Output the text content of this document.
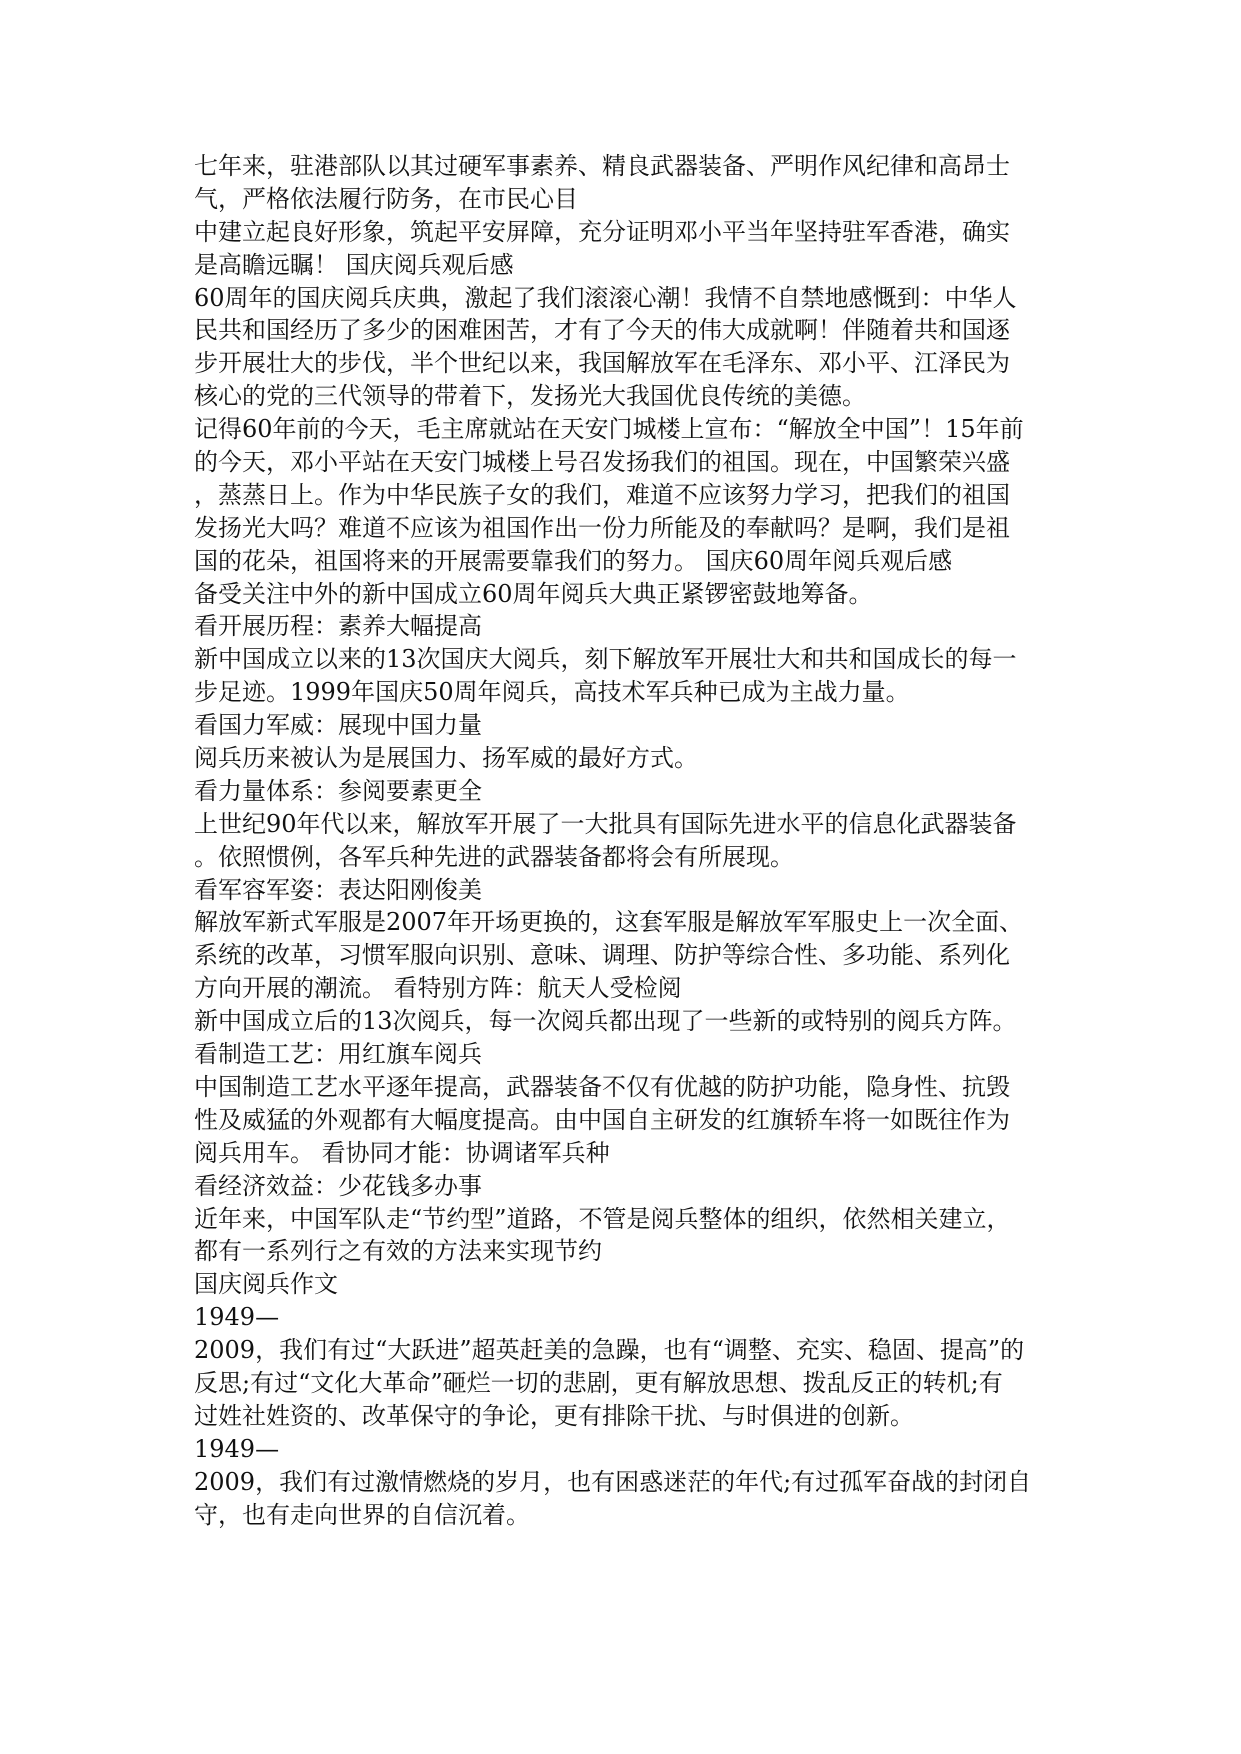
七年来，驻港部队以其过硬军事素养、精良武器装备、严明作风纪律和高昂士
气，严格依法履行防务，在市民心目
中建立起良好形象，筑起平安屏障，充分证明邓小平当年坚持驻军香港，确实
是高瞻远瞩！ 国庆阅兵观后感
60周年的国庆阅兵庆典，激起了我们滚滚心潮！我情不自禁地感慨到：中华人
民共和国经历了多少的困难困苦，才有了今天的伟大成就啊！伴随着共和国逐
步开展壮大的步伐，半个世纪以来，我国解放军在毛泽东、邓小平、江泽民为
核心的党的三代领导的带着下，发扬光大我国优良传统的美德。
记得60年前的今天，毛主席就站在天安门城楼上宣布：“解放全中国”！15年前
的今天，邓小平站在天安门城楼上号召发扬我们的祖国。现在，中国繁荣兴盛
，蒸蒸日上。作为中华民族子女的我们，难道不应该努力学习，把我们的祖国
发扬光大吗？难道不应该为祖国作出一份力所能及的奉献吗？是啊，我们是祖
国的花朵，祖国将来的开展需要靠我们的努力。 国庆60周年阅兵观后感
备受关注中外的新中国成立60周年阅兵大典正紧锣密鼓地筹备。
看开展历程：素养大幅提高
新中国成立以来的13次国庆大阅兵，刻下解放军开展壮大和共和国成长的每一
步足迹。1999年国庆50周年阅兵，高技术军兵种已成为主战力量。
看国力军威：展现中国力量
阅兵历来被认为是展国力、扬军威的最好方式。
看力量体系：参阅要素更全
上世纪90年代以来，解放军开展了一大批具有国际先进水平的信息化武器装备
。依照惯例，各军兵种先进的武器装备都将会有所展现。
看军容军姿：表达阳刚俊美
解放军新式军服是2007年开场更换的，这套军服是解放军军服史上一次全面、
系统的改革，习惯军服向识别、意味、调理、防护等综合性、多功能、系列化
方向开展的潮流。 看特别方阵：航天人受检阅
新中国成立后的13次阅兵，每一次阅兵都出现了一些新的或特别的阅兵方阵。
看制造工艺：用红旗车阅兵
中国制造工艺水平逐年提高，武器装备不仅有优越的防护功能，隐身性、抗毁
性及威猛的外观都有大幅度提高。由中国自主研发的红旗轿车将一如既往作为
阅兵用车。 看协同才能：协调诸军兵种
看经济效益：少花钱多办事
近年来，中国军队走“节约型”道路，不管是阅兵整体的组织，依然相关建立，
都有一系列行之有效的方法来实现节约
国庆阅兵作文
1949—
2009，我们有过“大跃进”超英赶美的急躁，也有“调整、充实、稳固、提高”的
反思;有过“文化大革命”砸烂一切的悲剧，更有解放思想、拨乱反正的转机;有
过姓社姓资的、改革保守的争论，更有排除干扰、与时俱进的创新。
1949—
2009，我们有过激情燃烧的岁月，也有困惑迷茫的年代;有过孤军奋战的封闭自
守，也有走向世界的自信沉着。
